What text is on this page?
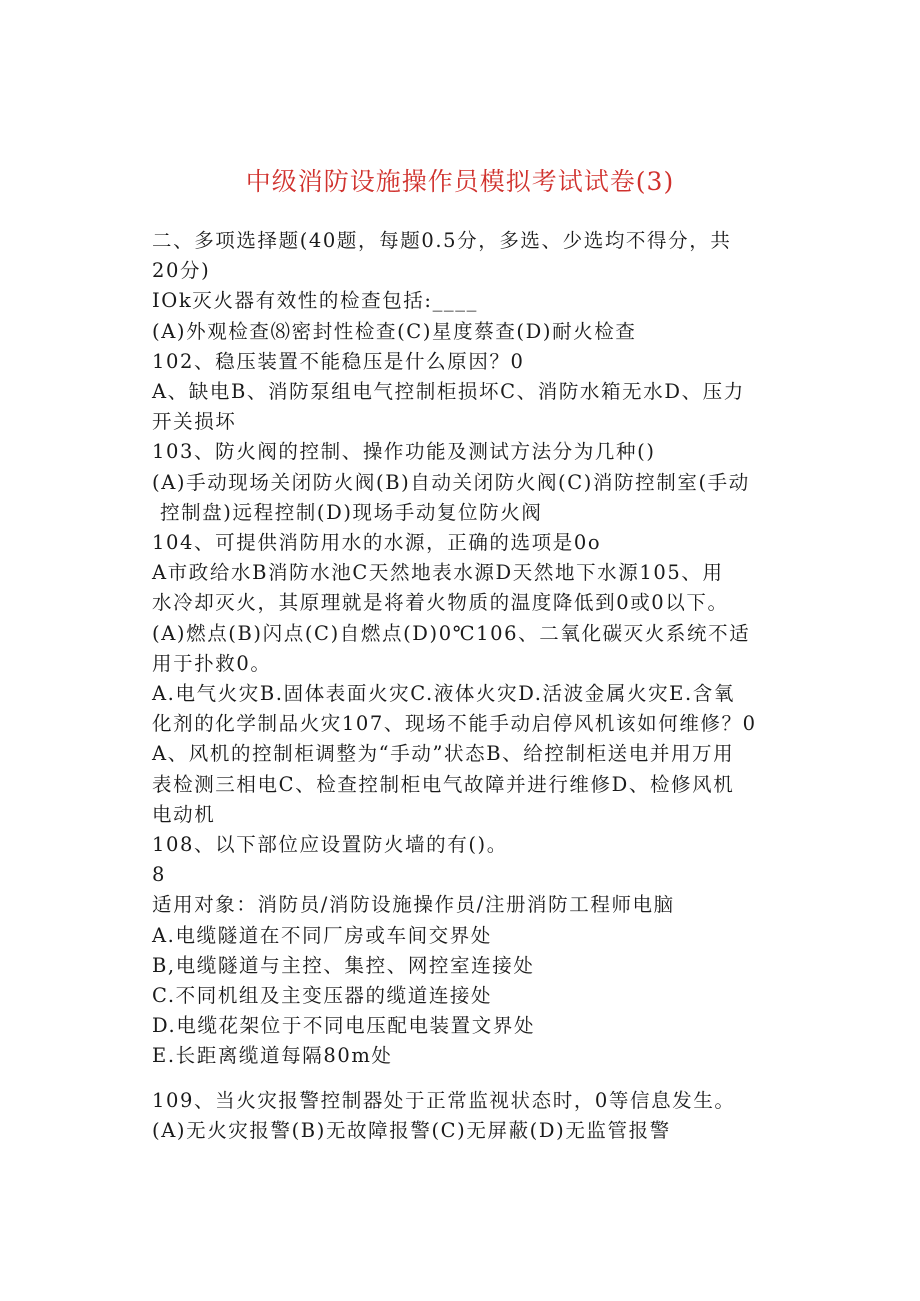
中级消防设施操作员模拟考试试卷(3)

二、多项选择题(40题，每题0.5分，多选、少选均不得分，共

20分)

IOk灭火器有效性的检查包括:____

(A)外观检查⑻密封性检查(C)星度蔡查(D)耐火检查

102、稳压装置不能稳压是什么原因？0

A、缺电B、消防泵组电气控制柜损坏C、消防水箱无水D、压力

开关损坏

103、防火阀的控制、操作功能及测试方法分为几种()

(A)手动现场关闭防火阀(B)自动关闭防火阀(C)消防控制室(手动

控制盘)远程控制(D)现场手动复位防火阀

104、可提供消防用水的水源，正确的选项是0o

A市政给水B消防水池C天然地表水源D天然地下水源105、用

水冷却灭火，其原理就是将着火物质的温度降低到0或0以下。

(A)燃点(B)闪点(C)自燃点(D)0℃106、二氧化碳灭火系统不适

用于扑救0。

A.电气火灾B.固体表面火灾C.液体火灾D.活波金属火灾E.含氧

化剂的化学制品火灾107、现场不能手动启停风机该如何维修？0

A、风机的控制柜调整为“手动”状态B、给控制柜送电并用万用

表检测三相电C、检查控制柜电气故障并进行维修D、检修风机

电动机

108、以下部位应设置防火墙的有()。

8

适用对象：消防员/消防设施操作员/注册消防工程师电脑

A.电缆隧道在不同厂房或车间交界处

B,电缆隧道与主控、集控、网控室连接处

C.不同机组及主变压器的缆道连接处

D.电缆花架位于不同电压配电装置文界处

E.长距离缆道每隔80m处

109、当火灾报警控制器处于正常监视状态时，0等信息发生。

(A)无火灾报警(B)无故障报警(C)无屏蔽(D)无监管报警
